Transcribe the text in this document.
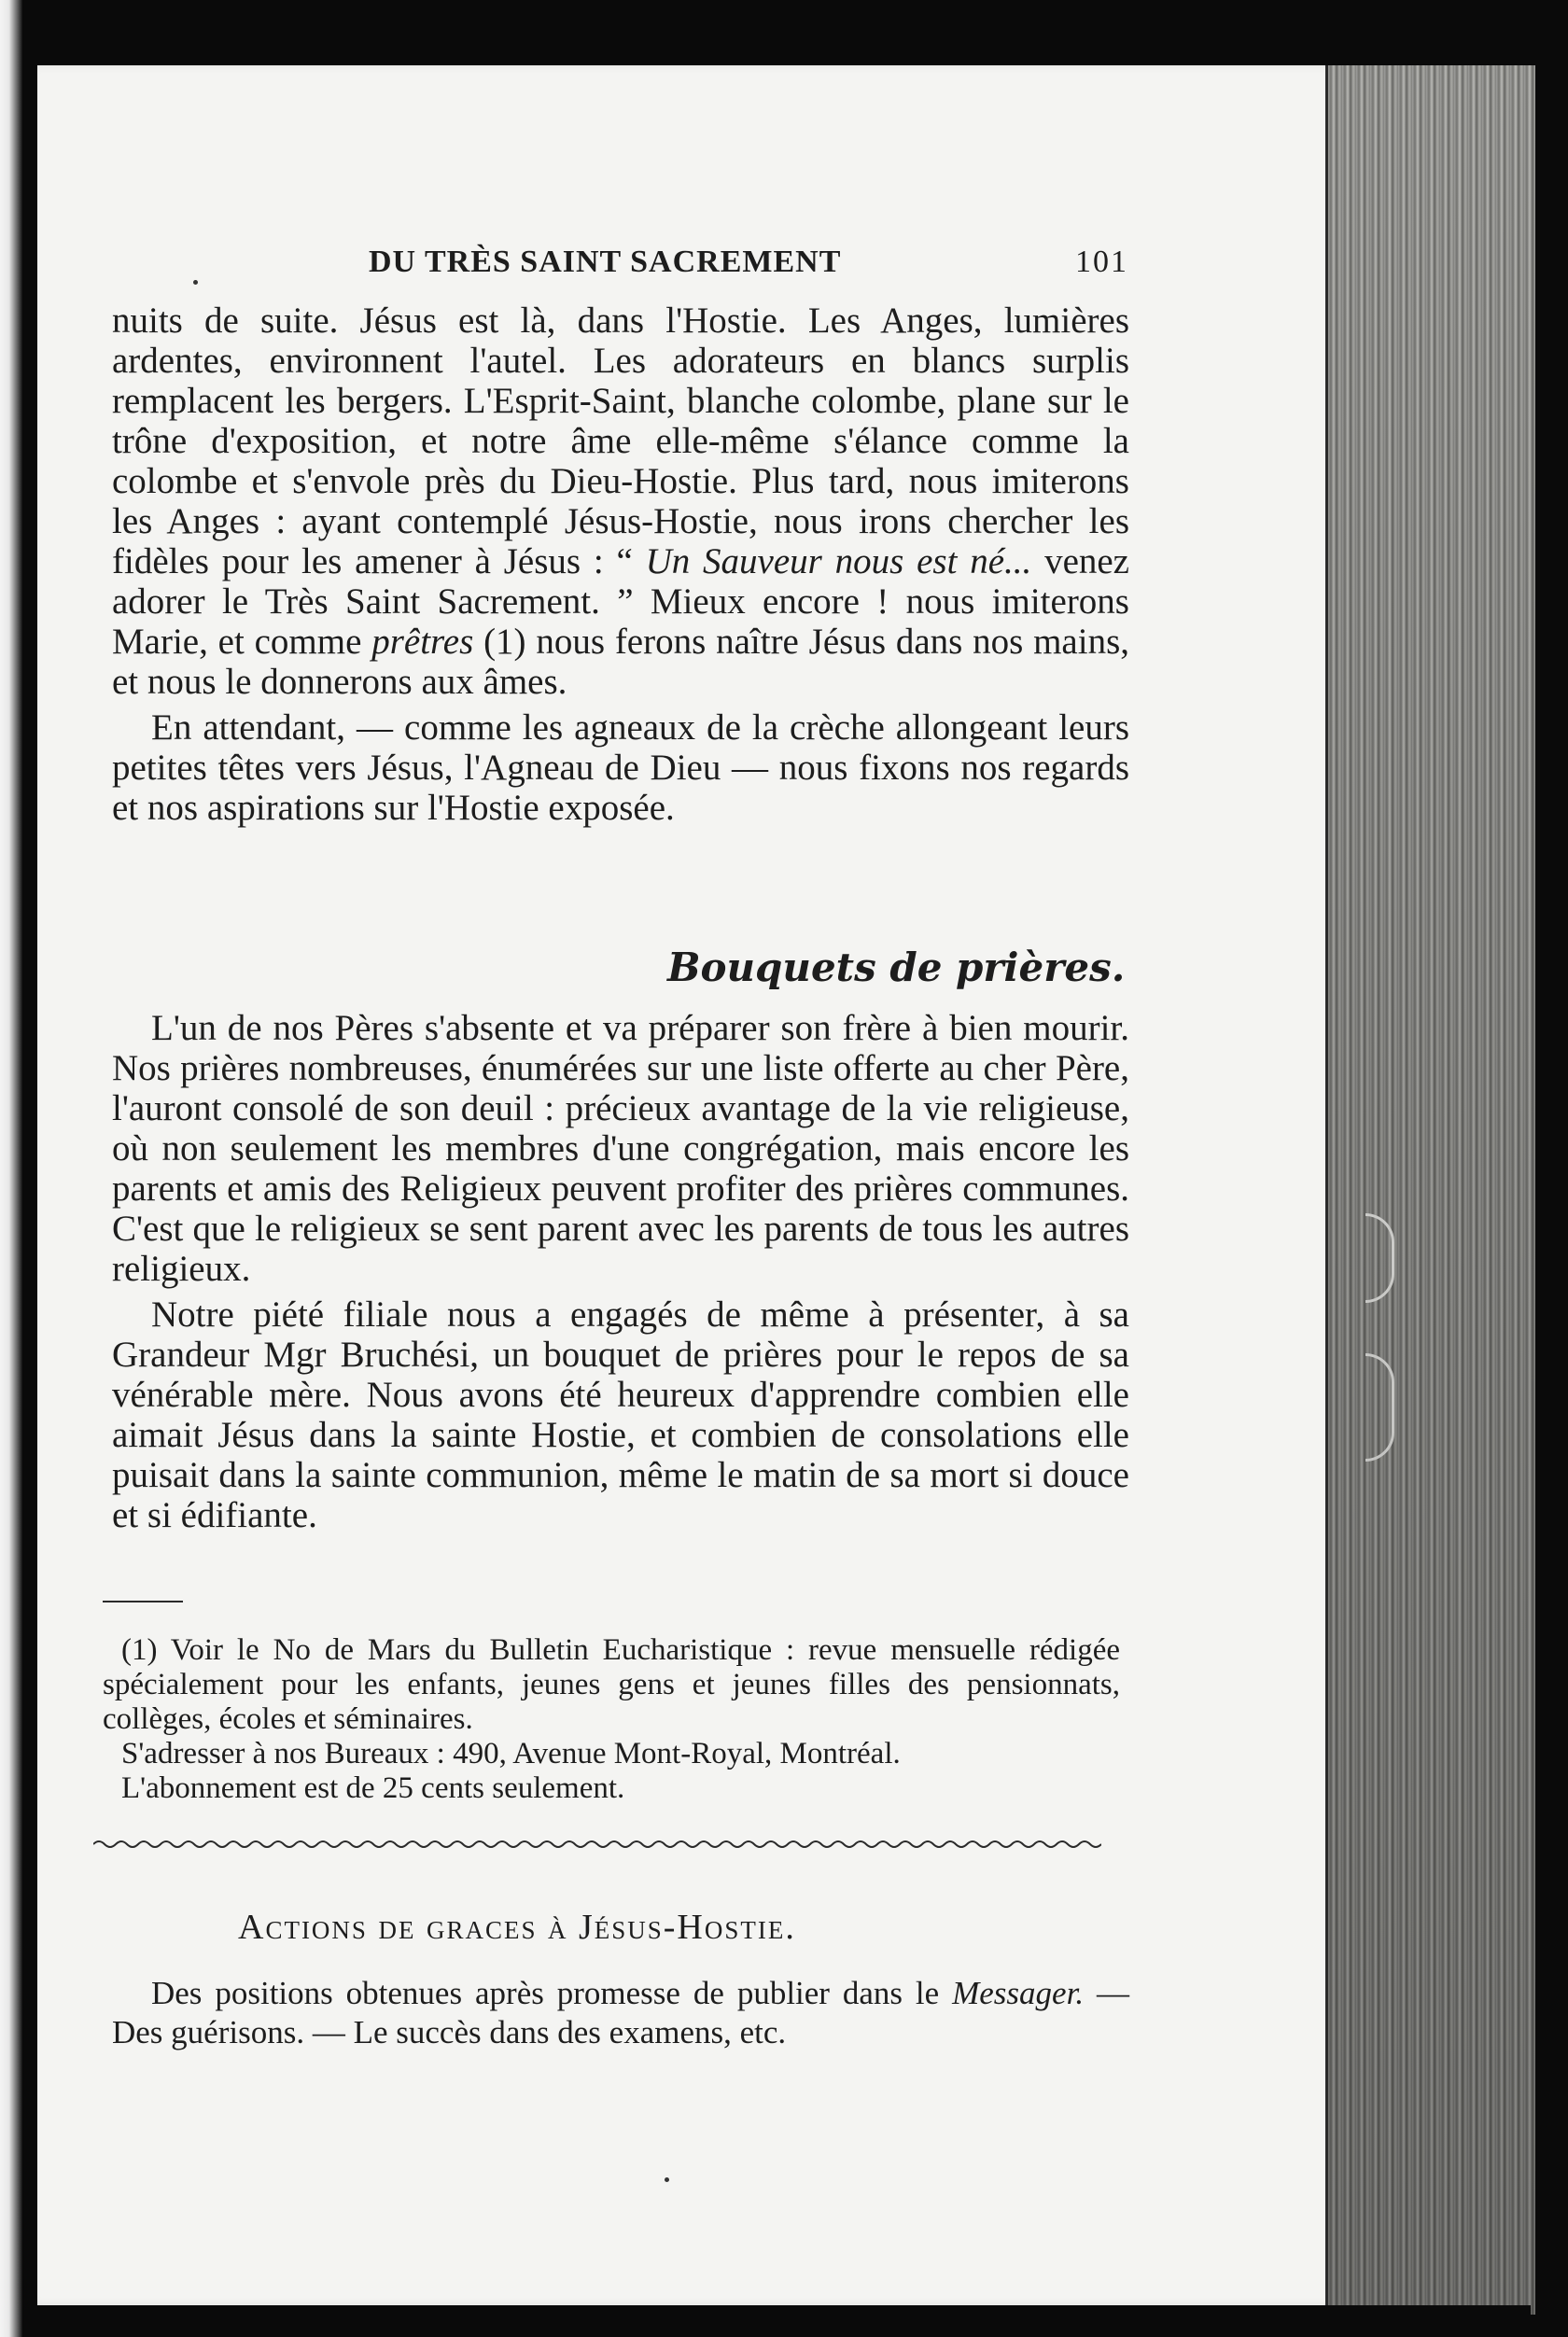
DU TRÈS SAINT SACREMENT	101

nuits de suite. Jésus est là, dans l'Hostie. Les Anges, lumières ardentes, environnent l'autel. Les adorateurs en blancs surplis remplacent les bergers. L'Esprit-Saint, blanche colombe, plane sur le trône d'exposition, et notre âme elle-même s'élance comme la colombe et s'envole près du Dieu-Hostie. Plus tard, nous imiterons les Anges : ayant contemplé Jésus-Hostie, nous irons chercher les fidèles pour les amener à Jésus : “ Un Sauveur nous est né... venez adorer le Très Saint Sacrement. ” Mieux encore ! nous imiterons Marie, et comme prêtres (1) nous ferons naître Jésus dans nos mains, et nous le donnerons aux âmes.

En attendant, — comme les agneaux de la crèche allongeant leurs petites têtes vers Jésus, l'Agneau de Dieu — nous fixons nos regards et nos aspirations sur l'Hostie exposée.

Bouquets de prières.

L'un de nos Pères s'absente et va préparer son frère à bien mourir. Nos prières nombreuses, énumérées sur une liste offerte au cher Père, l'auront consolé de son deuil : précieux avantage de la vie religieuse, où non seulement les membres d'une congrégation, mais encore les parents et amis des Religieux peuvent profiter des prières communes. C'est que le religieux se sent parent avec les parents de tous les autres religieux.

Notre piété filiale nous a engagés de même à présenter, à sa Grandeur Mgr Bruchési, un bouquet de prières pour le repos de sa vénérable mère. Nous avons été heureux d'apprendre combien elle aimait Jésus dans la sainte Hostie, et combien de consolations elle puisait dans la sainte communion, même le matin de sa mort si douce et si édifiante.

(1) Voir le No de Mars du Bulletin Eucharistique : revue mensuelle rédigée spécialement pour les enfants, jeunes gens et jeunes filles des pensionnats, collèges, écoles et séminaires.

S'adresser à nos Bureaux : 490, Avenue Mont-Royal, Montréal.

L'abonnement est de 25 cents seulement.

Actions de graces à Jésus-Hostie.

Des positions obtenues après promesse de publier dans le Messager. — Des guérisons. — Le succès dans des examens, etc.
